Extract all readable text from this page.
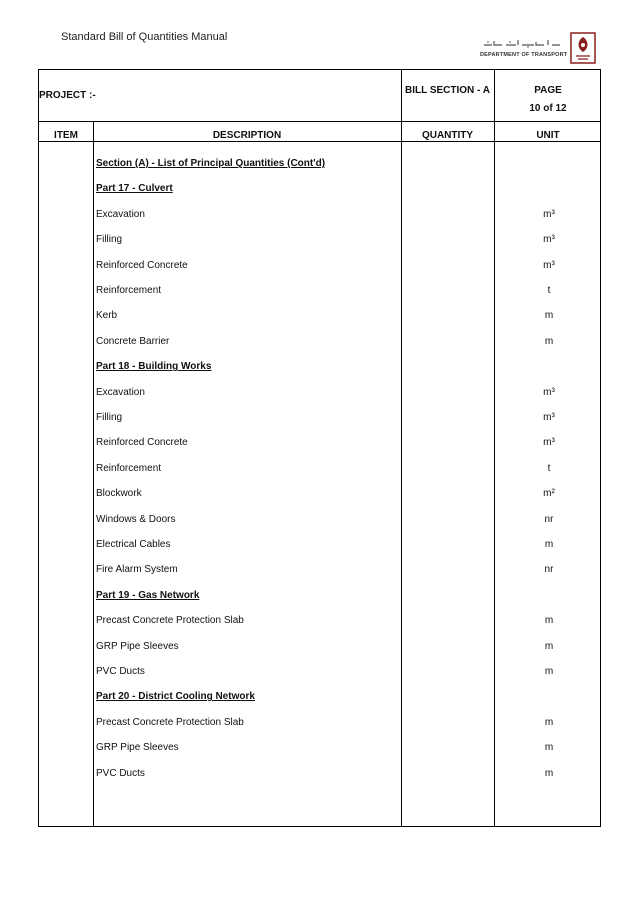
Standard Bill of Quantities Manual
DEPARTMENT OF TRANSPORT
PROJECT :-	BILL SECTION - A	PAGE
10 of 12
ITEM	DESCRIPTION	QUANTITY	UNIT
Section (A) - List of Principal Quantities (Cont'd)
Part 17 - Culvert
Excavation	m³
Filling	m³
Reinforced Concrete	m³
Reinforcement	t
Kerb	m
Concrete Barrier	m
Part 18 - Building Works
Excavation	m³
Filling	m³
Reinforced Concrete	m³
Reinforcement	t
Blockwork	m²
Windows & Doors	nr
Electrical Cables	m
Fire Alarm System	nr
Part 19 - Gas Network
Precast Concrete Protection Slab	m
GRP Pipe Sleeves	m
PVC Ducts	m
Part 20 - District Cooling Network
Precast Concrete Protection Slab	m
GRP Pipe Sleeves	m
PVC Ducts	m
